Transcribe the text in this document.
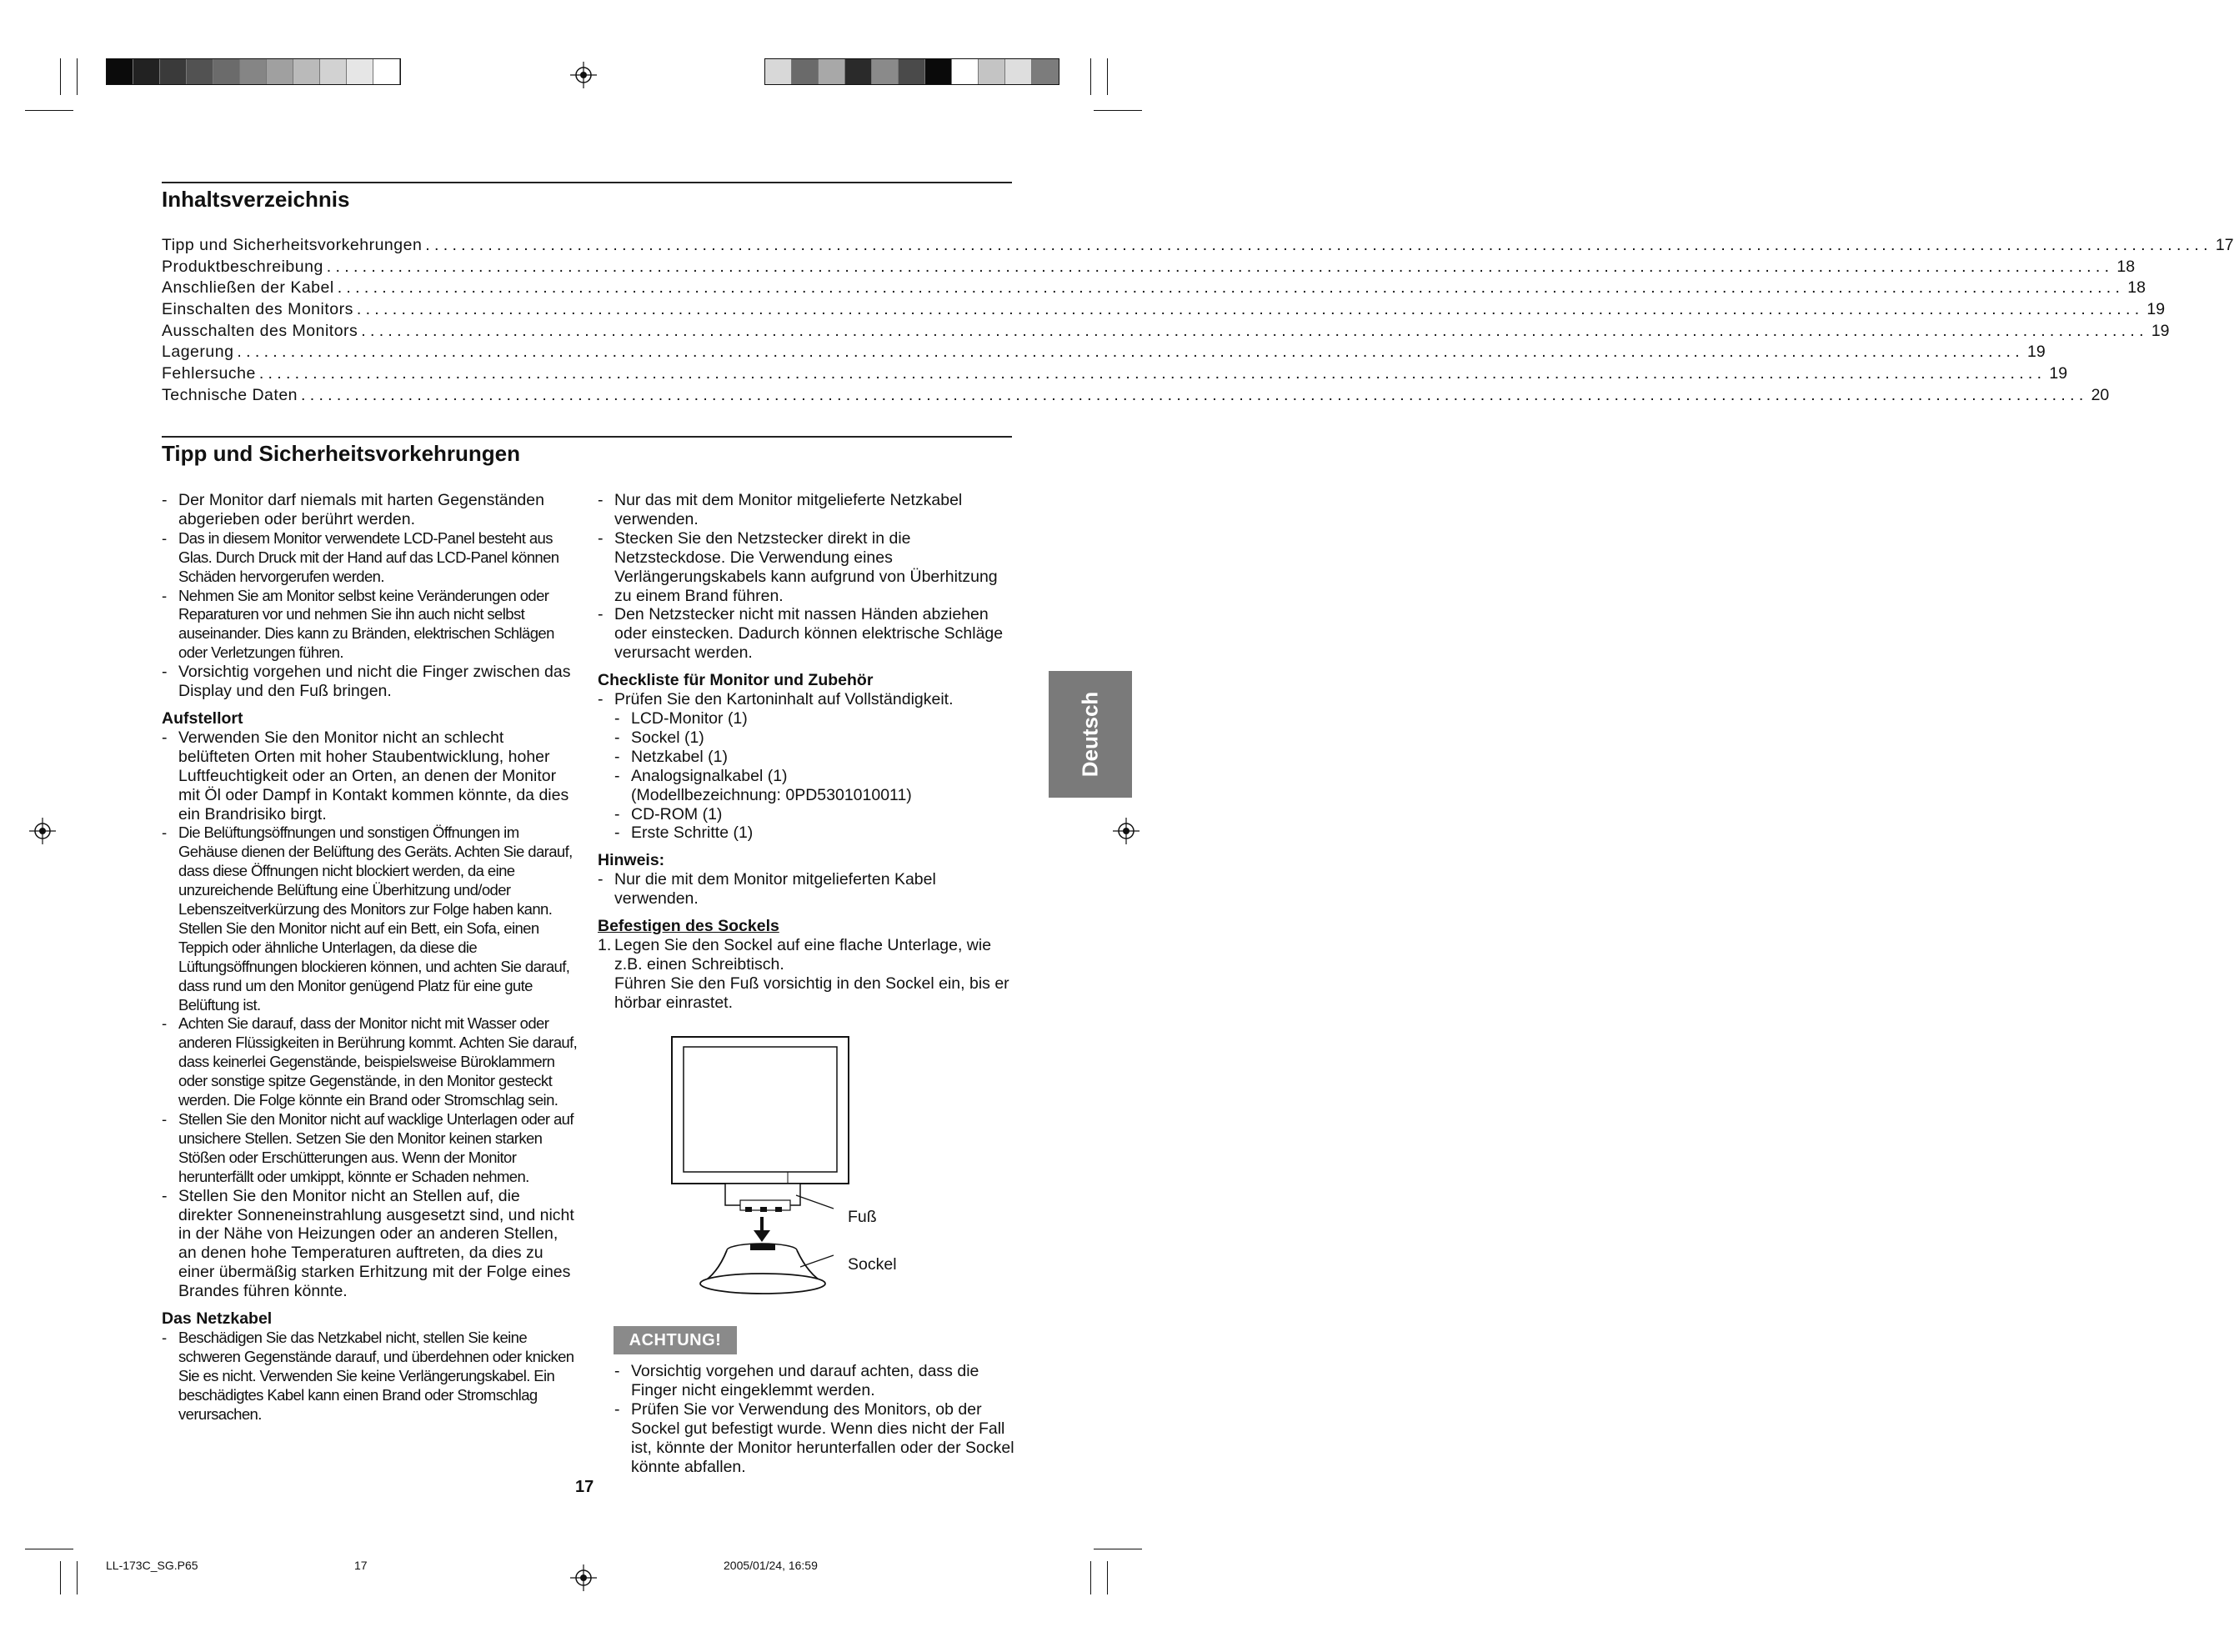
Inhaltsverzeichnis
Tipp und Sicherheitsvorkehrungen ........................................................................................................................................................................................................ 17
Produktbeschreibung ........................................................................................................................................................................................................ 18
Anschließen der Kabel ........................................................................................................................................................................................................ 18
Einschalten des Monitors ........................................................................................................................................................................................................ 19
Ausschalten des Monitors ........................................................................................................................................................................................................ 19
Lagerung ........................................................................................................................................................................................................ 19
Fehlersuche ........................................................................................................................................................................................................ 19
Technische Daten ........................................................................................................................................................................................................ 20
Tipp und Sicherheitsvorkehrungen
Deutsch
- Der Monitor darf niemals mit harten Gegenständen abgerieben oder berührt werden.
- Das in diesem Monitor verwendete LCD-Panel besteht aus Glas. Durch Druck mit der Hand auf das LCD-Panel können Schäden hervorgerufen werden.
- Nehmen Sie am Monitor selbst keine Veränderungen oder Reparaturen vor und nehmen Sie ihn auch nicht selbst auseinander. Dies kann zu Bränden, elektrischen Schlägen oder Verletzungen führen.
- Vorsichtig vorgehen und nicht die Finger zwischen das Display und den Fuß bringen.
Aufstellort
- Verwenden Sie den Monitor nicht an schlecht belüfteten Orten mit hoher Staubentwicklung, hoher Luftfeuchtigkeit oder an Orten, an denen der Monitor mit Öl oder Dampf in Kontakt kommen könnte, da dies ein Brandrisiko birgt.
- Die Belüftungsöffnungen und sonstigen Öffnungen im Gehäuse dienen der Belüftung des Geräts. Achten Sie darauf, dass diese Öffnungen nicht blockiert werden, da eine unzureichende Belüftung eine Überhitzung und/oder Lebenszeitverkürzung des Monitors zur Folge haben kann. Stellen Sie den Monitor nicht auf ein Bett, ein Sofa, einen Teppich oder ähnliche Unterlagen, da diese die Lüftungsöffnungen blockieren können, und achten Sie darauf, dass rund um den Monitor genügend Platz für eine gute Belüftung ist.
- Achten Sie darauf, dass der Monitor nicht mit Wasser oder anderen Flüssigkeiten in Berührung kommt. Achten Sie darauf, dass keinerlei Gegenstände, beispielsweise Büroklammern oder sonstige spitze Gegenstände, in den Monitor gesteckt werden. Die Folge könnte ein Brand oder Stromschlag sein.
- Stellen Sie den Monitor nicht auf wacklige Unterlagen oder auf unsichere Stellen. Setzen Sie den Monitor keinen starken Stößen oder Erschütterungen aus. Wenn der Monitor herunterfällt oder umkippt, könnte er Schaden nehmen.
- Stellen Sie den Monitor nicht an Stellen auf, die direkter Sonneneinstrahlung ausgesetzt sind, und nicht in der Nähe von Heizungen oder an anderen Stellen, an denen hohe Temperaturen auftreten, da dies zu einer übermäßig starken Erhitzung mit der Folge eines Brandes führen könnte.
Das Netzkabel
- Beschädigen Sie das Netzkabel nicht, stellen Sie keine schweren Gegenstände darauf, und überdehnen oder knicken Sie es nicht. Verwenden Sie keine Verlängerungskabel. Ein beschädigtes Kabel kann einen Brand oder Stromschlag verursachen.
- Nur das mit dem Monitor mitgelieferte Netzkabel verwenden.
- Stecken Sie den Netzstecker direkt in die Netzsteckdose. Die Verwendung eines Verlängerungskabels kann aufgrund von Überhitzung zu einem Brand führen.
- Den Netzstecker nicht mit nassen Händen abziehen oder einstecken. Dadurch können elektrische Schläge verursacht werden.
Checkliste für Monitor und Zubehör
- Prüfen Sie den Kartoninhalt auf Vollständigkeit.
- LCD-Monitor (1)
- Sockel (1)
- Netzkabel (1)
- Analogsignalkabel (1)
(Modellbezeichnung: 0PD5301010011)
- CD-ROM (1)
- Erste Schritte (1)
Hinweis:
- Nur die mit dem Monitor mitgelieferten Kabel verwenden.
Befestigen des Sockels
1. Legen Sie den Sockel auf eine flache Unterlage, wie z.B. einen Schreibtisch.
Führen Sie den Fuß vorsichtig in den Sockel ein, bis er hörbar einrastet.
Fuß
Sockel
ACHTUNG!
- Vorsichtig vorgehen und darauf achten, dass die Finger nicht eingeklemmt werden.
- Prüfen Sie vor Verwendung des Monitors, ob der Sockel gut befestigt wurde. Wenn dies nicht der Fall ist, könnte der Monitor herunterfallen oder der Sockel könnte abfallen.
17
LL-173C_SG.P65	17	2005/01/24, 16:59
